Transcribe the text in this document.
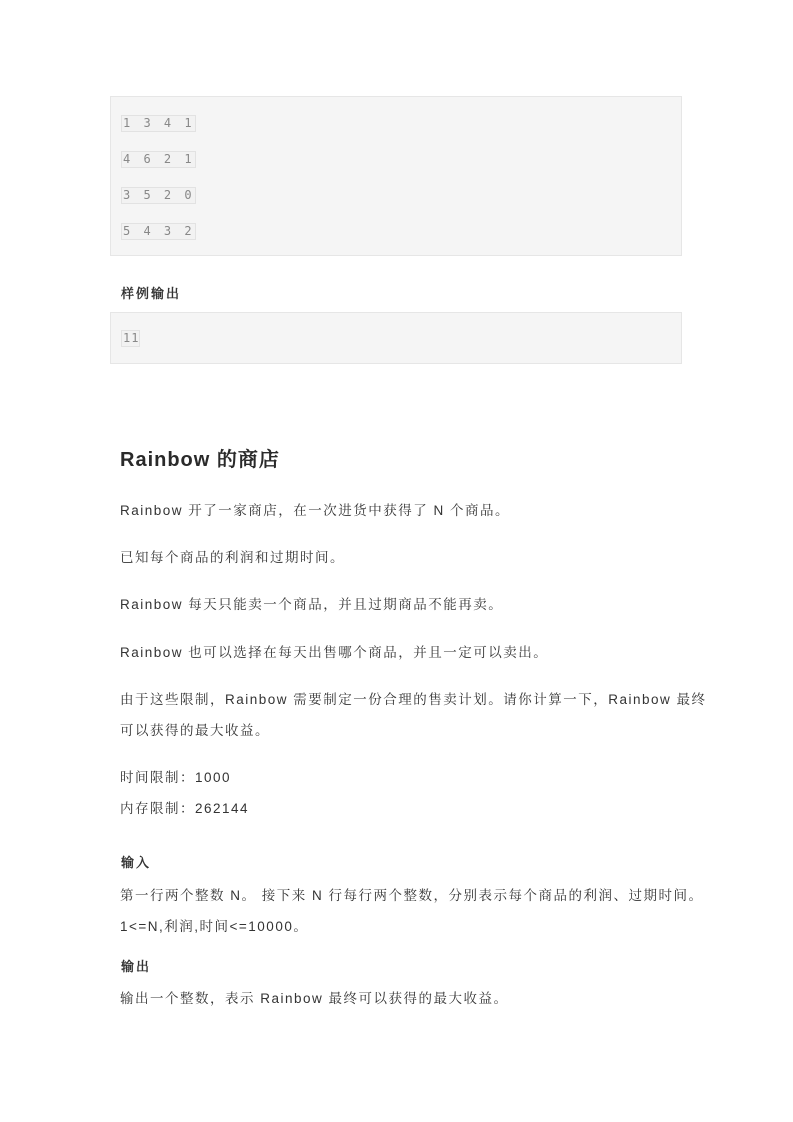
1 3 4 1
4 6 2 1
3 5 2 0
5 4 3 2
样例输出
11
Rainbow 的商店
Rainbow 开了一家商店，在一次进货中获得了 N 个商品。
已知每个商品的利润和过期时间。
Rainbow 每天只能卖一个商品，并且过期商品不能再卖。
Rainbow 也可以选择在每天出售哪个商品，并且一定可以卖出。
由于这些限制，Rainbow 需要制定一份合理的售卖计划。请你计算一下，Rainbow 最终
可以获得的最大收益。
时间限制：1000
内存限制：262144
输入
第一行两个整数 N。 接下来 N 行每行两个整数，分别表示每个商品的利润、过期时间。
1<=N,利润,时间<=10000。
输出
输出一个整数，表示 Rainbow 最终可以获得的最大收益。
